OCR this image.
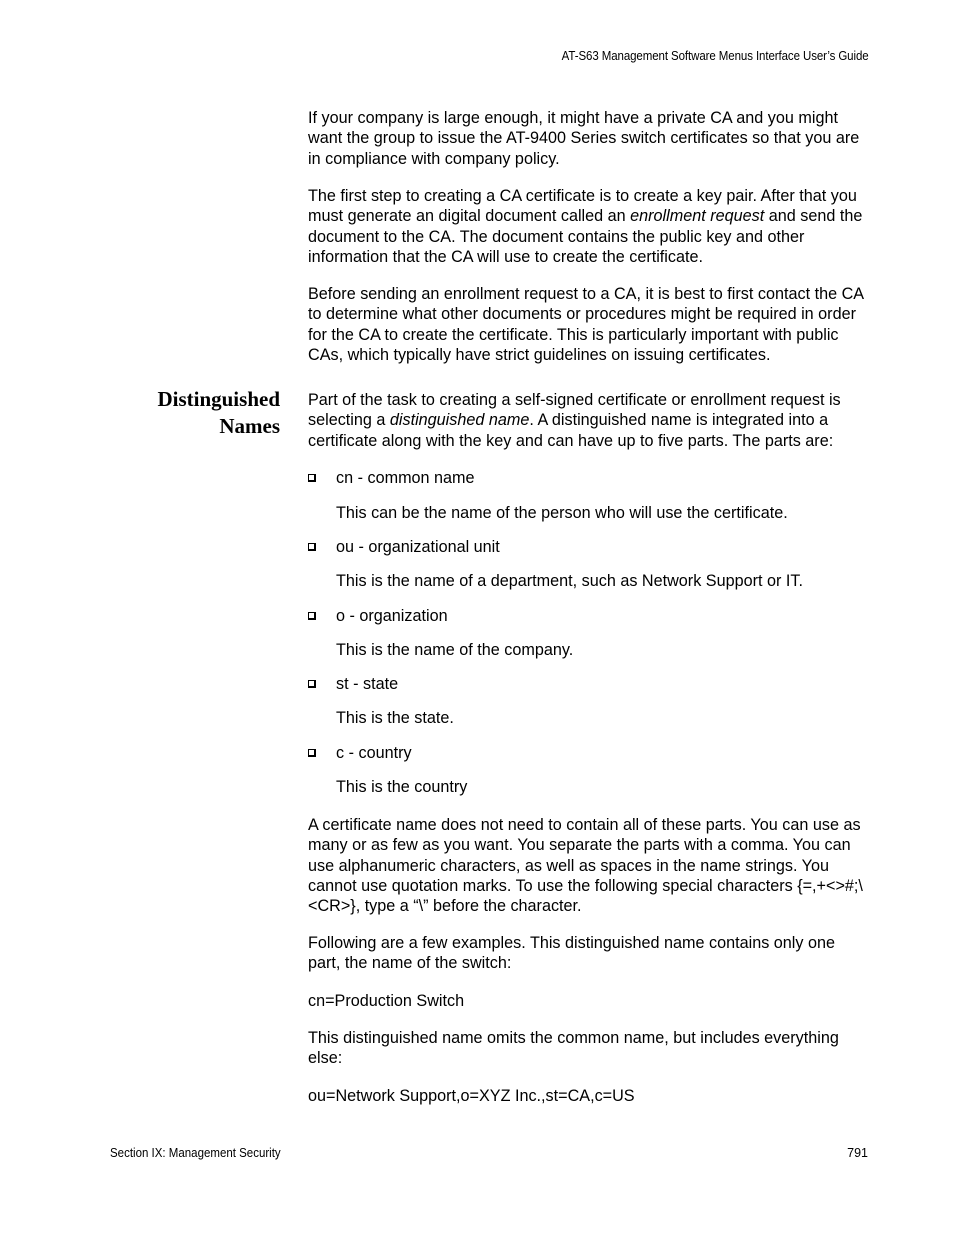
AT-S63 Management Software Menus Interface User’s Guide

If your company is large enough, it might have a private CA and you might want the group to issue the AT-9400 Series switch certificates so that you are in compliance with company policy.

The first step to creating a CA certificate is to create a key pair. After that you must generate an digital document called an enrollment request and send the document to the CA. The document contains the public key and other information that the CA will use to create the certificate.

Before sending an enrollment request to a CA, it is best to first contact the CA to determine what other documents or procedures might be required in order for the CA to create the certificate. This is particularly important with public CAs, which typically have strict guidelines on issuing certificates.

Distinguished
Names

Part of the task to creating a self-signed certificate or enrollment request is selecting a distinguished name. A distinguished name is integrated into a certificate along with the key and can have up to five parts. The parts are:

cn - common name
This can be the name of the person who will use the certificate.
ou - organizational unit
This is the name of a department, such as Network Support or IT.
o - organization
This is the name of the company.
st - state
This is the state.
c - country
This is the country

A certificate name does not need to contain all of these parts. You can use as many or as few as you want. You separate the parts with a comma. You can use alphanumeric characters, as well as spaces in the name strings. You cannot use quotation marks. To use the following special characters {=,+<>#;\<CR>}, type a “\” before the character.

Following are a few examples. This distinguished name contains only one part, the name of the switch:

cn=Production Switch

This distinguished name omits the common name, but includes everything else:

ou=Network Support,o=XYZ Inc.,st=CA,c=US

Section IX: Management Security	791
